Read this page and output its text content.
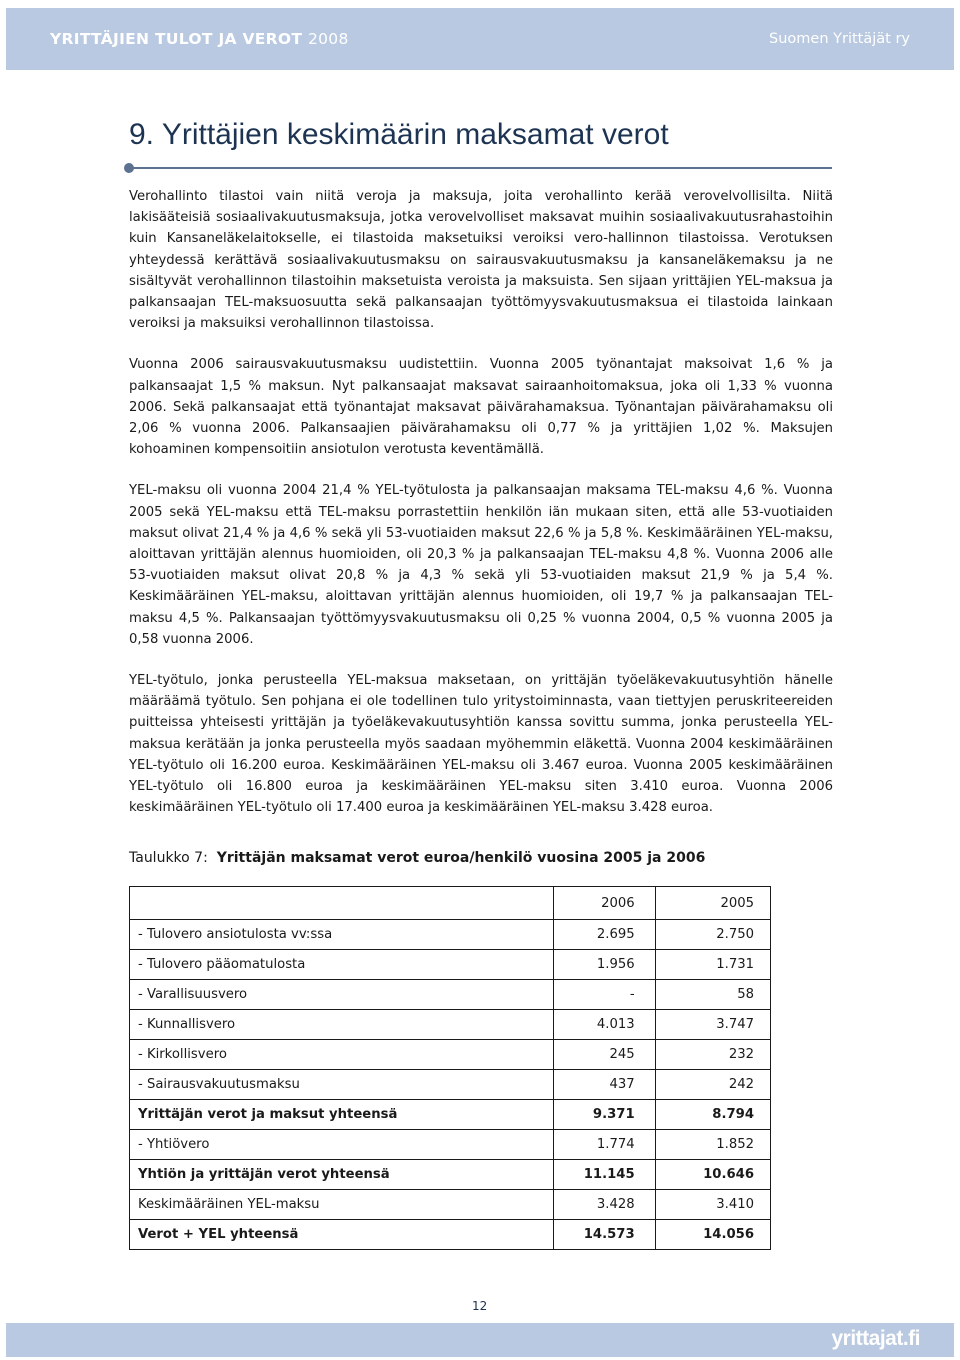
YRITTÄJIEN TULOT JA VEROT 2008	Suomen Yrittäjät ry
9. Yrittäjien keskimäärin maksamat verot

Verohallinto tilastoi vain niitä veroja ja maksuja, joita verohallinto kerää verovelvollisilta. Niitä lakisääteisiä sosiaalivakuutusmaksuja, jotka verovelvolliset maksavat muihin sosiaalivakuutusrahastoihin kuin Kansaneläkelaitokselle, ei tilastoida maksetuiksi veroiksi vero-hallinnon tilastoissa. Verotuksen yhteydessä kerättävä sosiaalivakuutusmaksu on sairausvakuutusmaksu ja kansaneläkemaksu ja ne sisältyvät verohallinnon tilastoihin maksetuista veroista ja maksuista. Sen sijaan yrittäjien YEL-maksua ja palkansaajan TEL-maksuosuutta sekä palkansaajan työttömyysvakuutusmaksua ei tilastoida lainkaan veroiksi ja maksuiksi verohallinnon tilastoissa.

Vuonna 2006 sairausvakuutusmaksu uudistettiin. Vuonna 2005 työnantajat maksoivat 1,6 % ja palkansaajat 1,5 % maksun. Nyt palkansaajat maksavat sairaanhoitomaksua, joka oli 1,33 % vuonna 2006. Sekä palkansaajat että työnantajat maksavat päivärahamaksua. Työnantajan päivärahamaksu oli 2,06 % vuonna 2006. Palkansaajien päivärahamaksu oli 0,77 % ja yrittäjien 1,02 %. Maksujen kohoaminen kompensoitiin ansiotulon verotusta keventämällä.

YEL-maksu oli vuonna 2004 21,4 % YEL-työtulosta ja palkansaajan maksama TEL-maksu 4,6 %. Vuonna 2005 sekä YEL-maksu että TEL-maksu porrastettiin henkilön iän mukaan siten, että alle 53-vuotiaiden maksut olivat 21,4 % ja 4,6 % sekä yli 53-vuotiaiden maksut 22,6 % ja 5,8 %. Keskimääräinen YEL-maksu, aloittavan yrittäjän alennus huomioiden, oli 20,3 % ja palkansaajan TEL-maksu 4,8 %. Vuonna 2006 alle 53-vuotiaiden maksut olivat 20,8 % ja 4,3 % sekä yli 53-vuotiaiden maksut 21,9 % ja 5,4 %. Keskimääräinen YEL-maksu, aloittavan yrittäjän alennus huomioiden, oli 19,7 % ja palkansaajan TEL-maksu 4,5 %. Palkansaajan työttömyysvakuutusmaksu oli 0,25 % vuonna 2004, 0,5 % vuonna 2005 ja 0,58 vuonna 2006.

YEL-työtulo, jonka perusteella YEL-maksua maksetaan, on yrittäjän työeläkevakuutusyhtiön hänelle määräämä työtulo. Sen pohjana ei ole todellinen tulo yritystoiminnasta, vaan tiettyjen peruskriteereiden puitteissa yhteisesti yrittäjän ja työeläkevakuutusyhtiön kanssa sovittu summa, jonka perusteella YEL-maksua kerätään ja jonka perusteella myös saadaan myöhemmin eläkettä. Vuonna 2004 keskimääräinen YEL-työtulo oli 16.200 euroa. Keskimääräinen YEL-maksu oli 3.467 euroa. Vuonna 2005 keskimääräinen YEL-työtulo oli 16.800 euroa ja keskimääräinen YEL-maksu siten 3.410 euroa. Vuonna 2006 keskimääräinen YEL-työtulo oli 17.400 euroa ja keskimääräinen YEL-maksu 3.428 euroa.

Taulukko 7: Yrittäjän maksamat verot euroa/henkilö vuosina 2005 ja 2006
	2006	2005
- Tulovero ansiotulosta vv:ssa	2.695	2.750
- Tulovero pääomatulosta	1.956	1.731
- Varallisuusvero	-	58
- Kunnallisvero	4.013	3.747
- Kirkollisvero	245	232
- Sairausvakuutusmaksu	437	242
Yrittäjän verot ja maksut yhteensä	9.371	8.794
- Yhtiövero	1.774	1.852
Yhtiön ja yrittäjän verot yhteensä	11.145	10.646
Keskimääräinen YEL-maksu	3.428	3.410
Verot + YEL yhteensä	14.573	14.056
12
yrittajat.fi
